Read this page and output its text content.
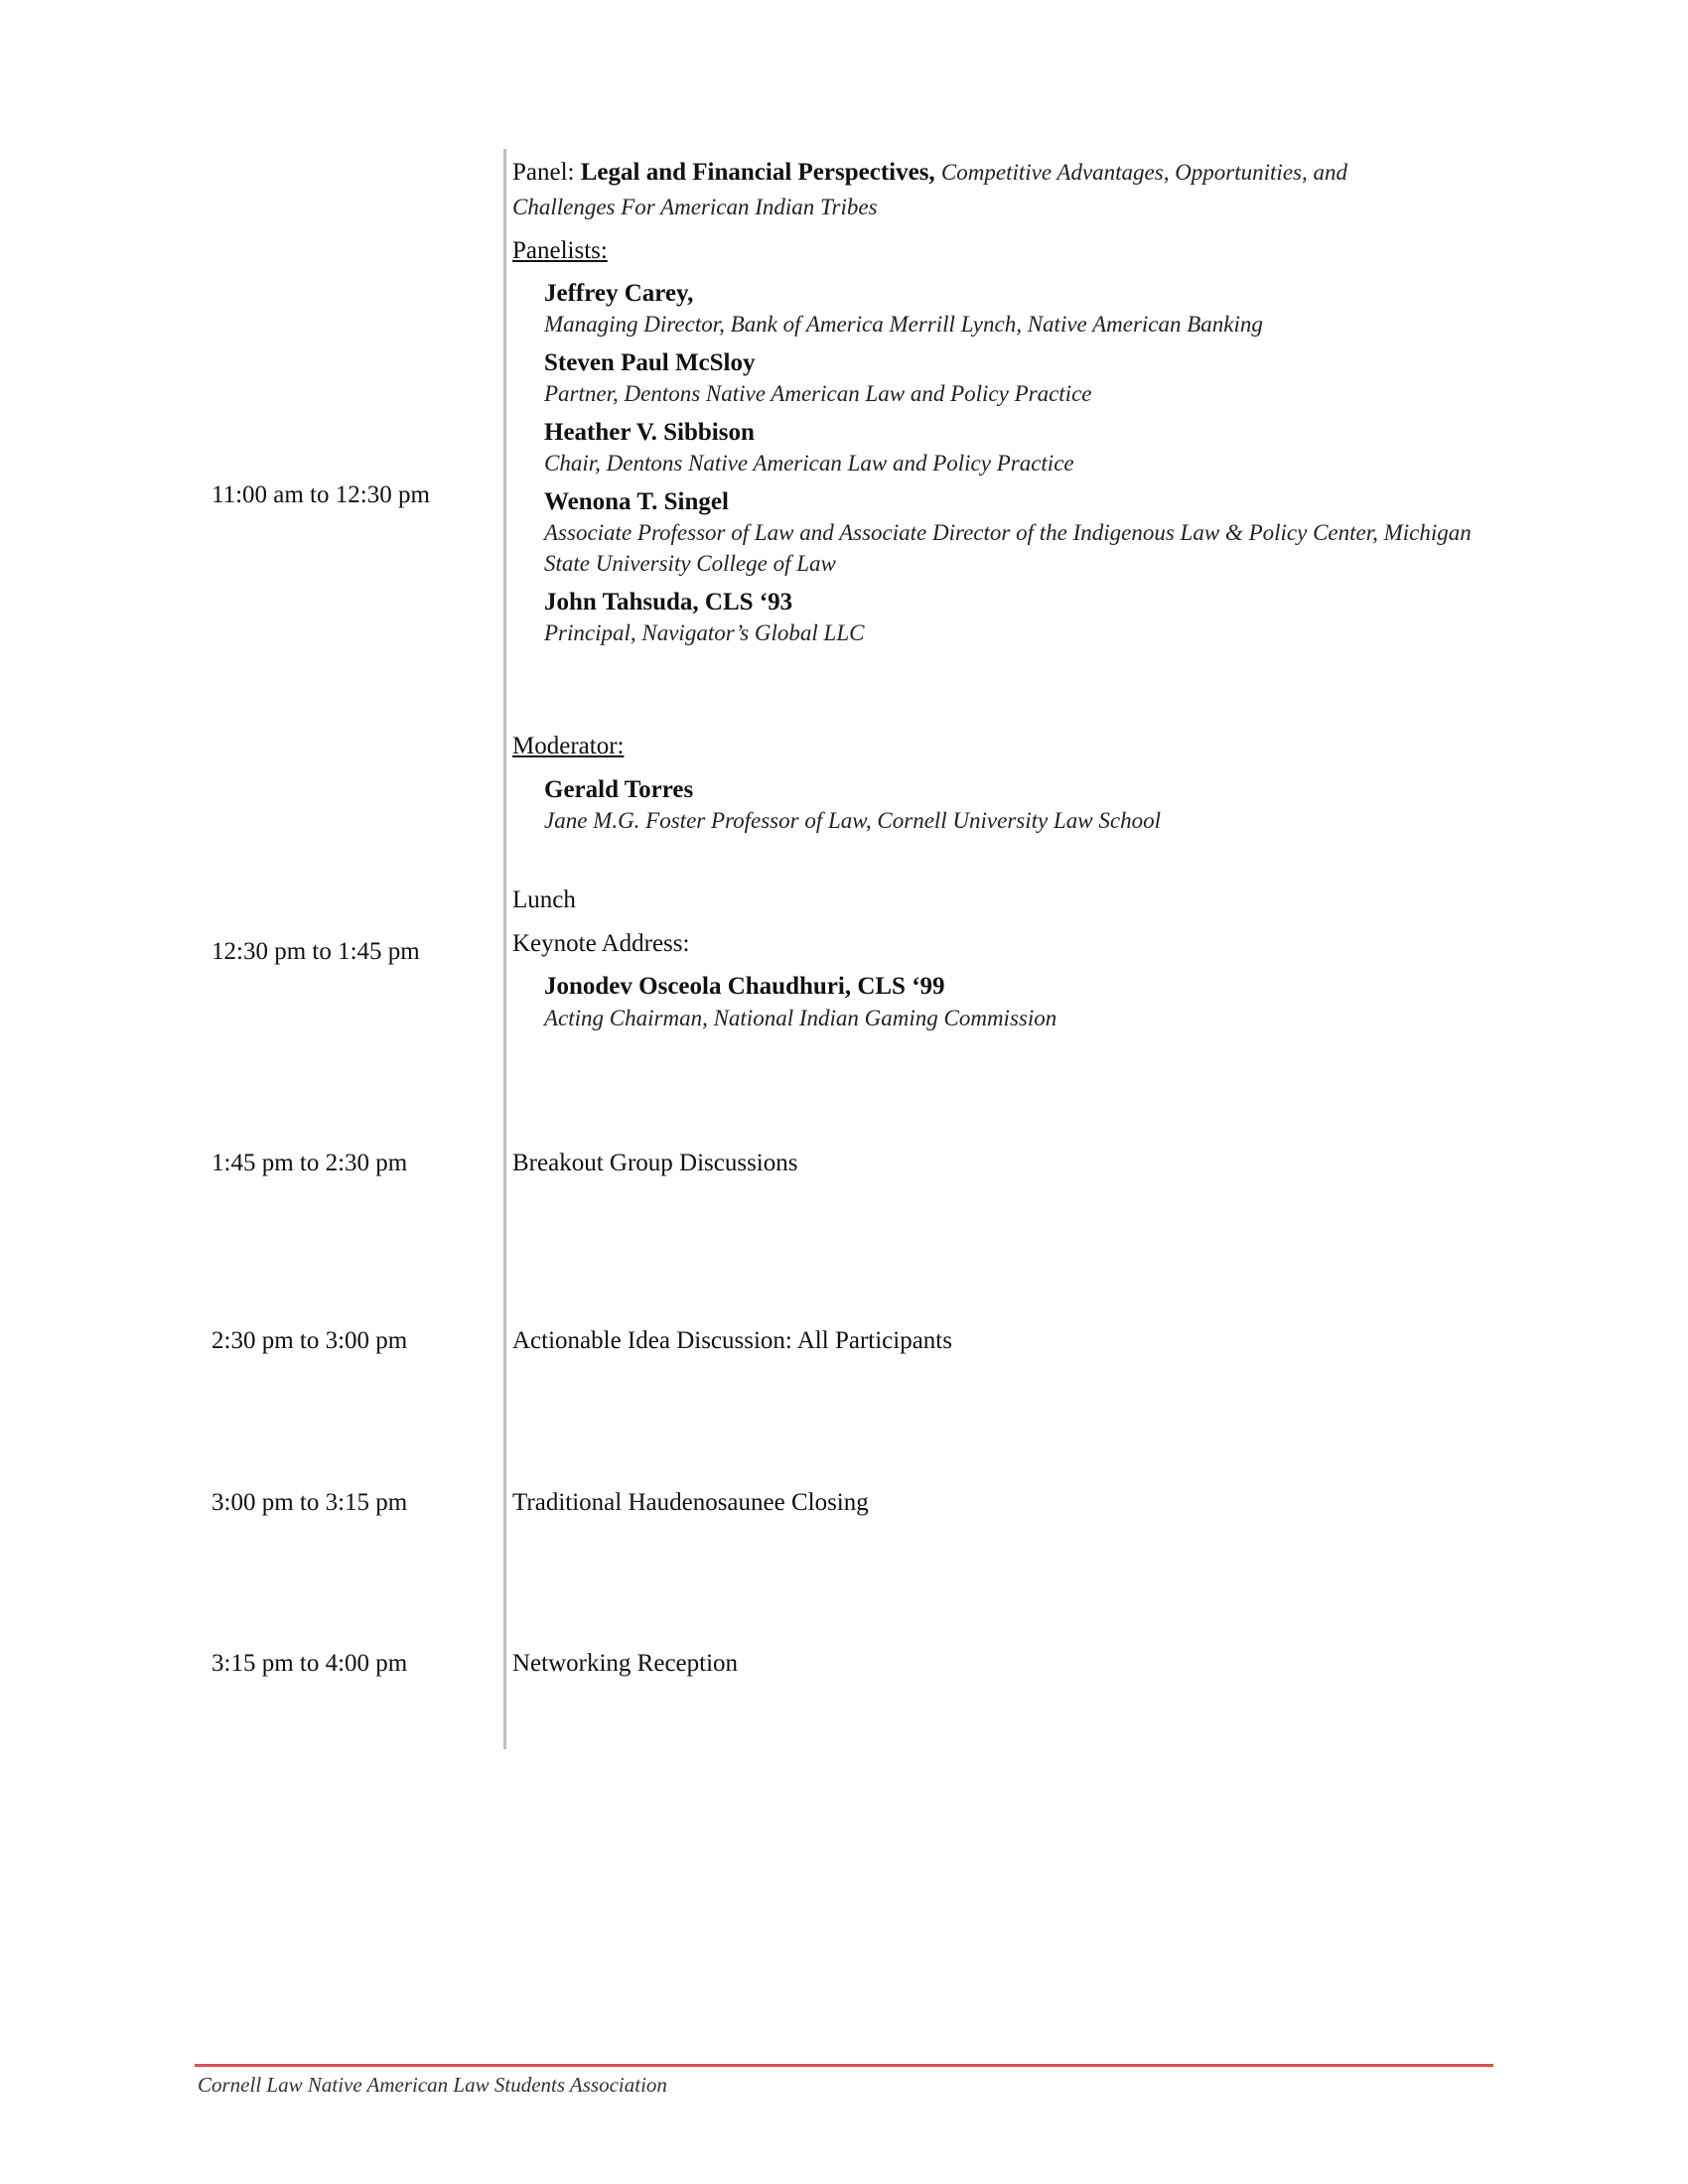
11:00 am to 12:30 pm
12:30 pm to 1:45 pm
1:45 pm to 2:30 pm
2:30 pm to 3:00 pm
3:00 pm to 3:15 pm
3:15 pm to 4:00 pm
Panel: Legal and Financial Perspectives, Competitive Advantages, Opportunities, and
Challenges For American Indian Tribes
Panelists:
Jeffrey Carey,
Managing Director, Bank of America Merrill Lynch, Native American Banking
Steven Paul McSloy
Partner, Dentons Native American Law and Policy Practice
Heather V. Sibbison
Chair, Dentons Native American Law and Policy Practice
Wenona T. Singel
Associate Professor of Law and Associate Director of the Indigenous Law & Policy Center, Michigan
State University College of Law
John Tahsuda, CLS ‘93
Principal, Navigator’s Global LLC
Moderator:
Gerald Torres
Jane M.G. Foster Professor of Law, Cornell University Law School
Lunch
Keynote Address:
Jonodev Osceola Chaudhuri, CLS ‘99
Acting Chairman, National Indian Gaming Commission
Breakout Group Discussions
Actionable Idea Discussion: All Participants
Traditional Haudenosaunee Closing
Networking Reception
Cornell Law Native American Law Students Association
